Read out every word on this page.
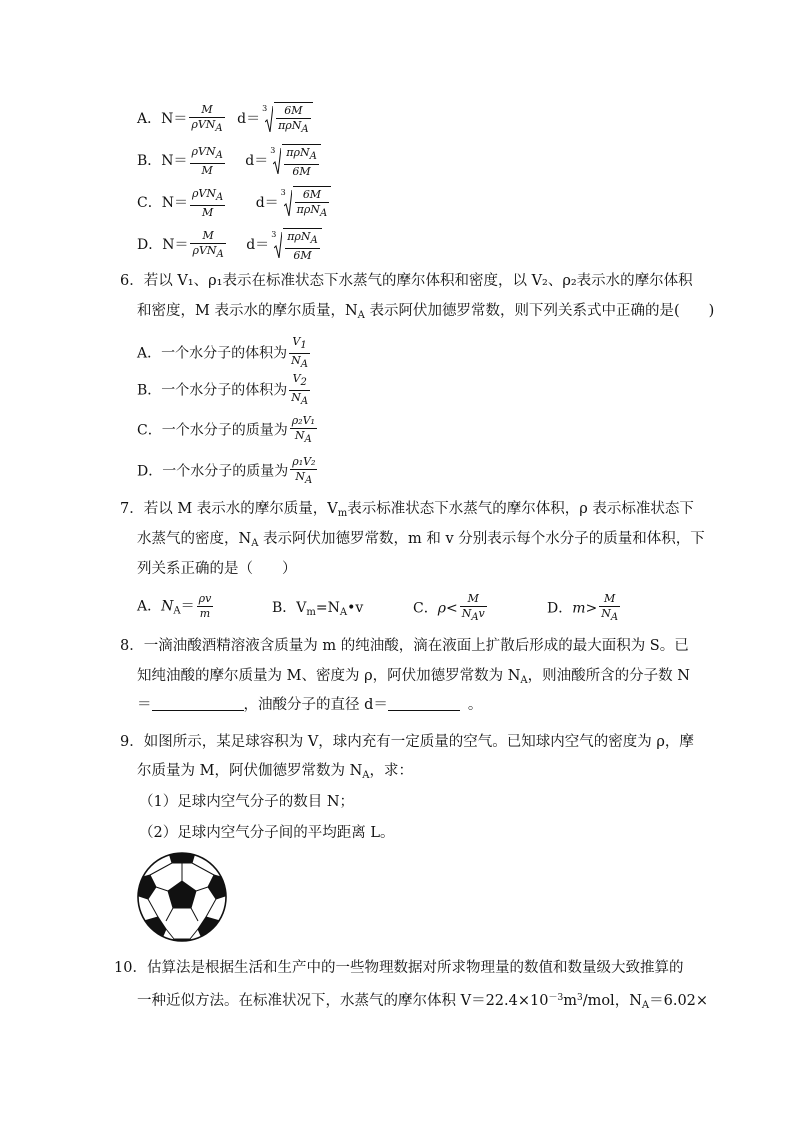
A．$N= \frac{M}{\text{ρVNA}} d=$
$3 \frac{6M}{\text{πρNA}}$
B．$N= \frac{\text{ρVNA}}{M} d=$
$3 \frac{\text{πρNA}}{6M}$
C．$N= \frac{\text{ρVNA}}{M} d=$
$3 \frac{6M}{\text{πρNA}}$
D．$N= \frac{M}{\text{ρVNA}} d=$
$3 \frac{\text{πρNA}}{6M}$
6．若以 V₁、ρ₁表示在标准状态下水蒸气的摩尔体积和密度，以 V₂、ρ₂表示水的摩尔体积
和密度，M 表示水的摩尔质量，$N_A$ 表示阿伏加德罗常数，则下列关系式中正确的是(　　)
A．一个水分子的体积为 $\frac{V1}{NA}$
B．一个水分子的体积为 $\frac{V2}{NA}$
C．一个水分子的质量为 $\frac{\text{ρ₂V₁}}{NA}$
D．一个水分子的质量为 $\frac{\text{ρ₁V₂}}{NA}$
7．若以 M 表示水的摩尔质量，$V_m$表示标准状态下水蒸气的摩尔体积，ρ 表示标准状态下
水蒸气的密度，$N_A$ 表示阿伏加德罗常数，m 和 v 分别表示每个水分子的质量和体积，下
列关系正确的是（　　）
A．$N_A= \frac{\rho v}{m}$	B．$V_m=N_A•v$	C．$\rho< \frac{M}{\text{NAv}}$	D．$m> \frac{M}{NA}$
8．一滴油酸酒精溶液含质量为 m 的纯油酸，滴在液面上扩散后形成的最大面积为 S。已
知纯油酸的摩尔质量为 M、密度为 ρ，阿伏加德罗常数为 $N_A$，则油酸所含的分子数 N
＝	，油酸分子的直径 d＝	。
9．如图所示，某足球容积为 V，球内充有一定质量的空气。已知球内空气的密度为 ρ，摩
尔质量为 M，阿伏伽德罗常数为 $N_A$，求：
（1）足球内空气分子的数目 N；
（2）足球内空气分子间的平均距离 L。
10．估算法是根据生活和生产中的一些物理数据对所求物理量的数值和数量级大致推算的
一种近似方法。在标准状况下，水蒸气的摩尔体积 $V=22.4\times 10^{-3}m^3$/mol，$N_A=6.02\times$
